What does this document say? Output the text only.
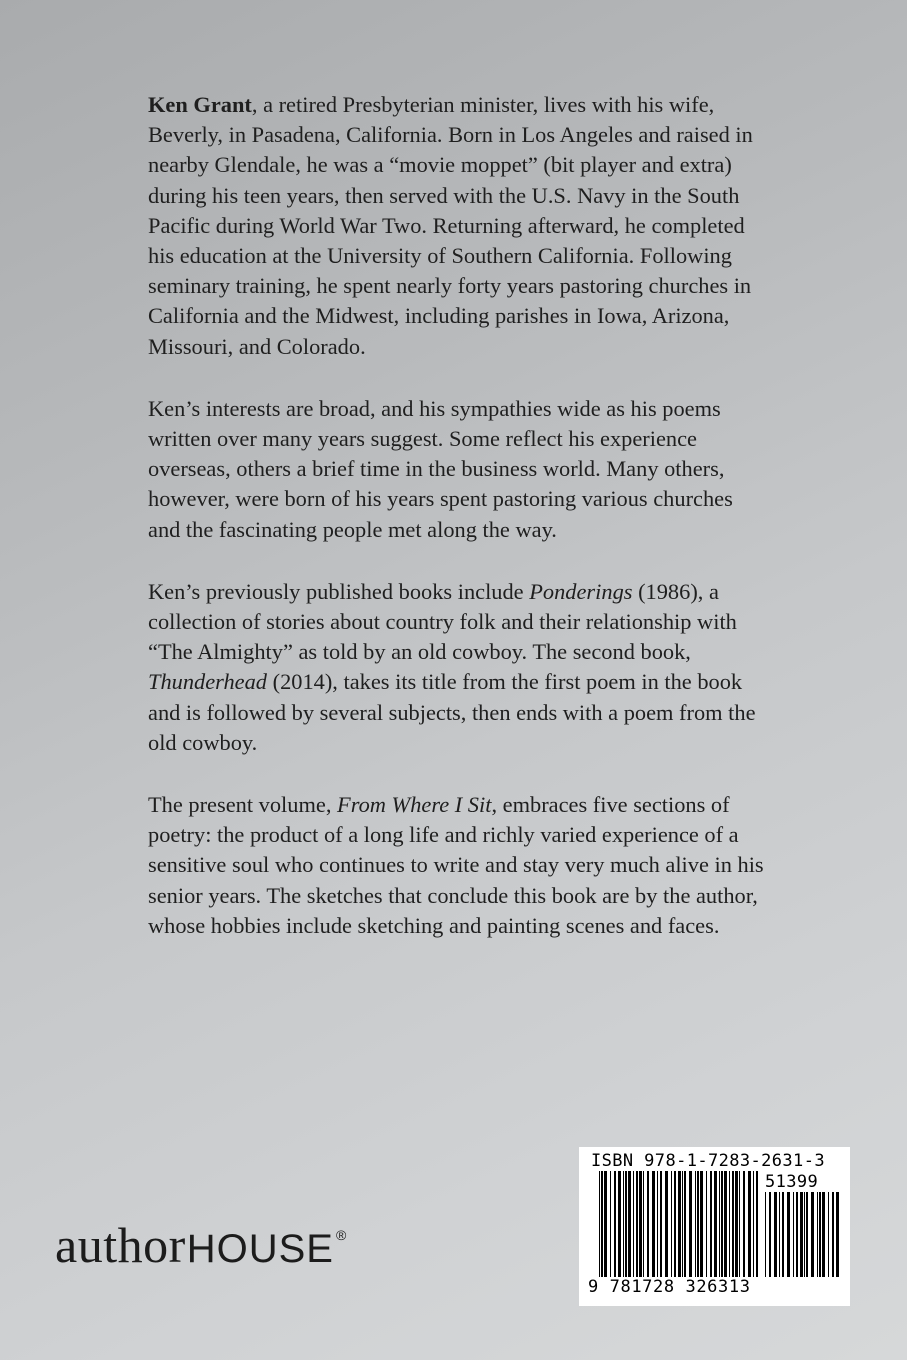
Ken Grant, a retired Presbyterian minister, lives with his wife, Beverly, in Pasadena, California. Born in Los Angeles and raised in nearby Glendale, he was a “movie moppet” (bit player and extra) during his teen years, then served with the U.S. Navy in the South Pacific during World War Two. Returning afterward, he completed his education at the University of Southern California. Following seminary training, he spent nearly forty years pastoring churches in California and the Midwest, including parishes in Iowa, Arizona, Missouri, and Colorado.

Ken’s interests are broad, and his sympathies wide as his poems written over many years suggest. Some reflect his experience overseas, others a brief time in the business world. Many others, however, were born of his years spent pastoring various churches and the fascinating people met along the way.

Ken’s previously published books include Ponderings (1986), a collection of stories about country folk and their relationship with “The Almighty” as told by an old cowboy. The second book, Thunderhead (2014), takes its title from the first poem in the book and is followed by several subjects, then ends with a poem from the old cowboy.

The present volume, From Where I Sit, embraces five sections of poetry: the product of a long life and richly varied experience of a sensitive soul who continues to write and stay very much alive in his senior years. The sketches that conclude this book are by the author, whose hobbies include sketching and painting scenes and faces.

author HOUSE ®
ISBN 978-1-7283-2631-3
51399
9 781728 326313
